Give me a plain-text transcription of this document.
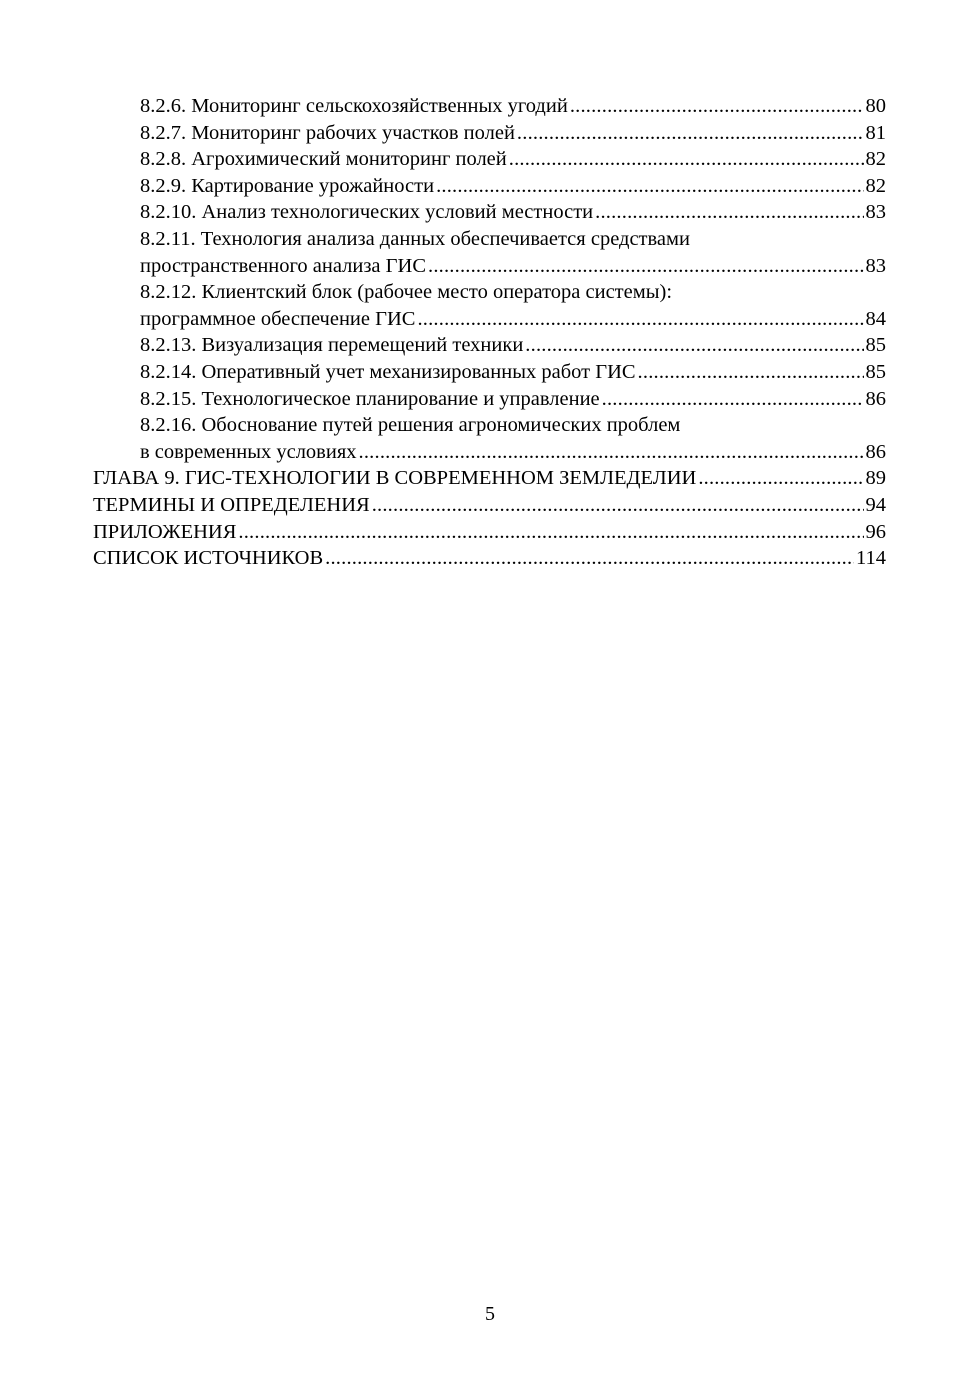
8.2.6. Мониторинг сельскохозяйственных угодий .....	80
8.2.7. Мониторинг рабочих участков полей .....	81
8.2.8. Агрохимический мониторинг полей .....	82
8.2.9. Картирование урожайности .....	82
8.2.10. Анализ технологических условий местности .....	83
8.2.11. Технология анализа данных обеспечивается средствами
пространственного анализа ГИС .....	83
8.2.12. Клиентский блок (рабочее место оператора системы):
программное обеспечение ГИС .....	84
8.2.13. Визуализация перемещений техники .....	85
8.2.14. Оперативный учет механизированных работ ГИС .....	85
8.2.15. Технологическое планирование и управление .....	86
8.2.16. Обоснование путей решения агрономических проблем
в современных условиях .....	86
ГЛАВА 9. ГИС-ТЕХНОЛОГИИ В СОВРЕМЕННОМ ЗЕМЛЕДЕЛИИ .....	89
ТЕРМИНЫ И ОПРЕДЕЛЕНИЯ .....	94
ПРИЛОЖЕНИЯ .....	96
СПИСОК ИСТОЧНИКОВ .....	114
5
